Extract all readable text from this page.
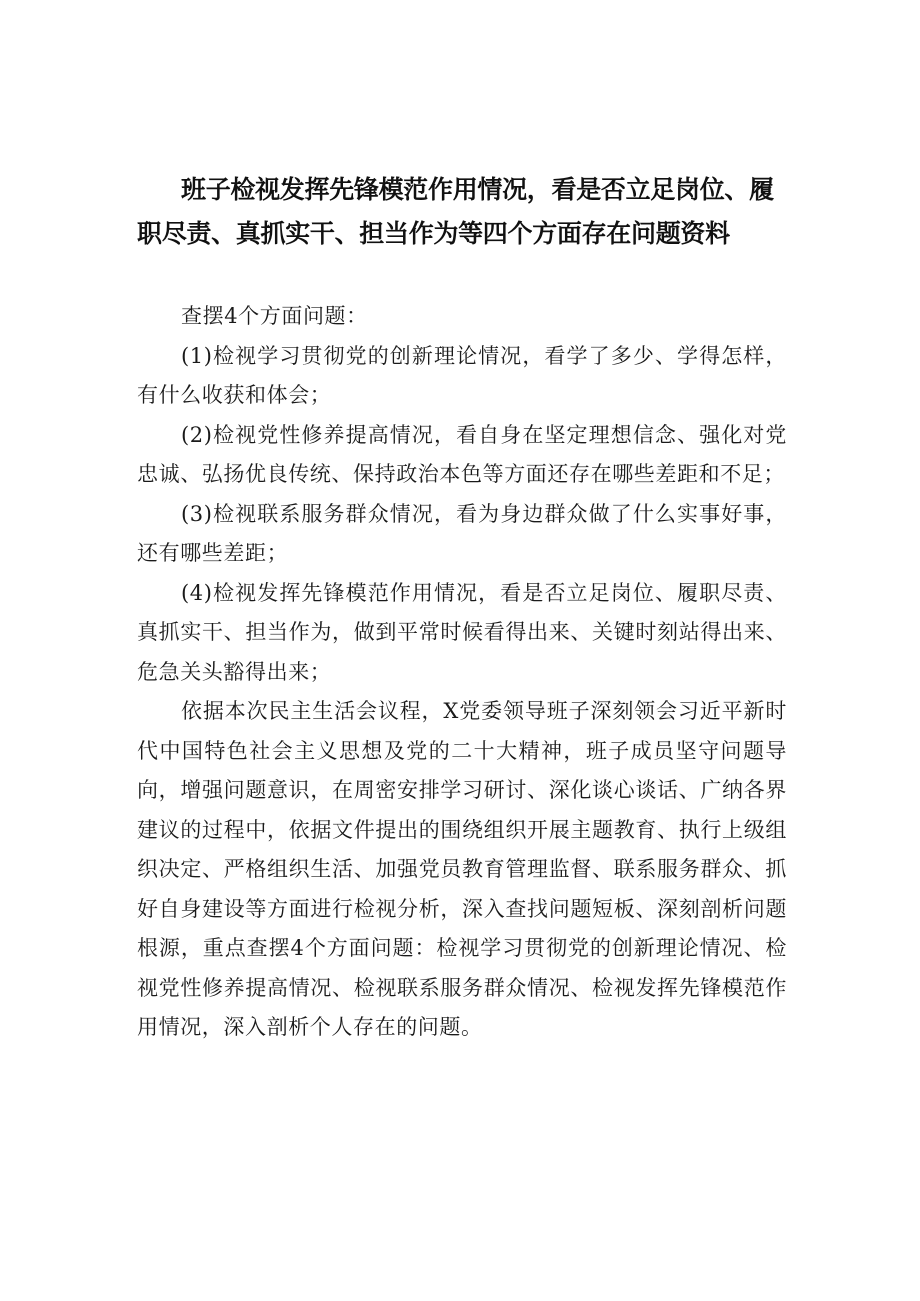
班子检视发挥先锋模范作用情况，看是否立足岗位、履职尽责、真抓实干、担当作为等四个方面存在问题资料

查摆4个方面问题：

(1)检视学习贯彻党的创新理论情况，看学了多少、学得怎样，有什么收获和体会；

(2)检视党性修养提高情况，看自身在坚定理想信念、强化对党忠诚、弘扬优良传统、保持政治本色等方面还存在哪些差距和不足；

(3)检视联系服务群众情况，看为身边群众做了什么实事好事，还有哪些差距；

(4)检视发挥先锋模范作用情况，看是否立足岗位、履职尽责、真抓实干、担当作为，做到平常时候看得出来、关键时刻站得出来、危急关头豁得出来；

依据本次民主生活会议程，X党委领导班子深刻领会习近平新时代中国特色社会主义思想及党的二十大精神，班子成员坚守问题导向，增强问题意识，在周密安排学习研讨、深化谈心谈话、广纳各界建议的过程中，依据文件提出的围绕组织开展主题教育、执行上级组织决定、严格组织生活、加强党员教育管理监督、联系服务群众、抓好自身建设等方面进行检视分析，深入查找问题短板、深刻剖析问题根源，重点查摆4个方面问题：检视学习贯彻党的创新理论情况、检视党性修养提高情况、检视联系服务群众情况、检视发挥先锋模范作用情况，深入剖析个人存在的问题。
